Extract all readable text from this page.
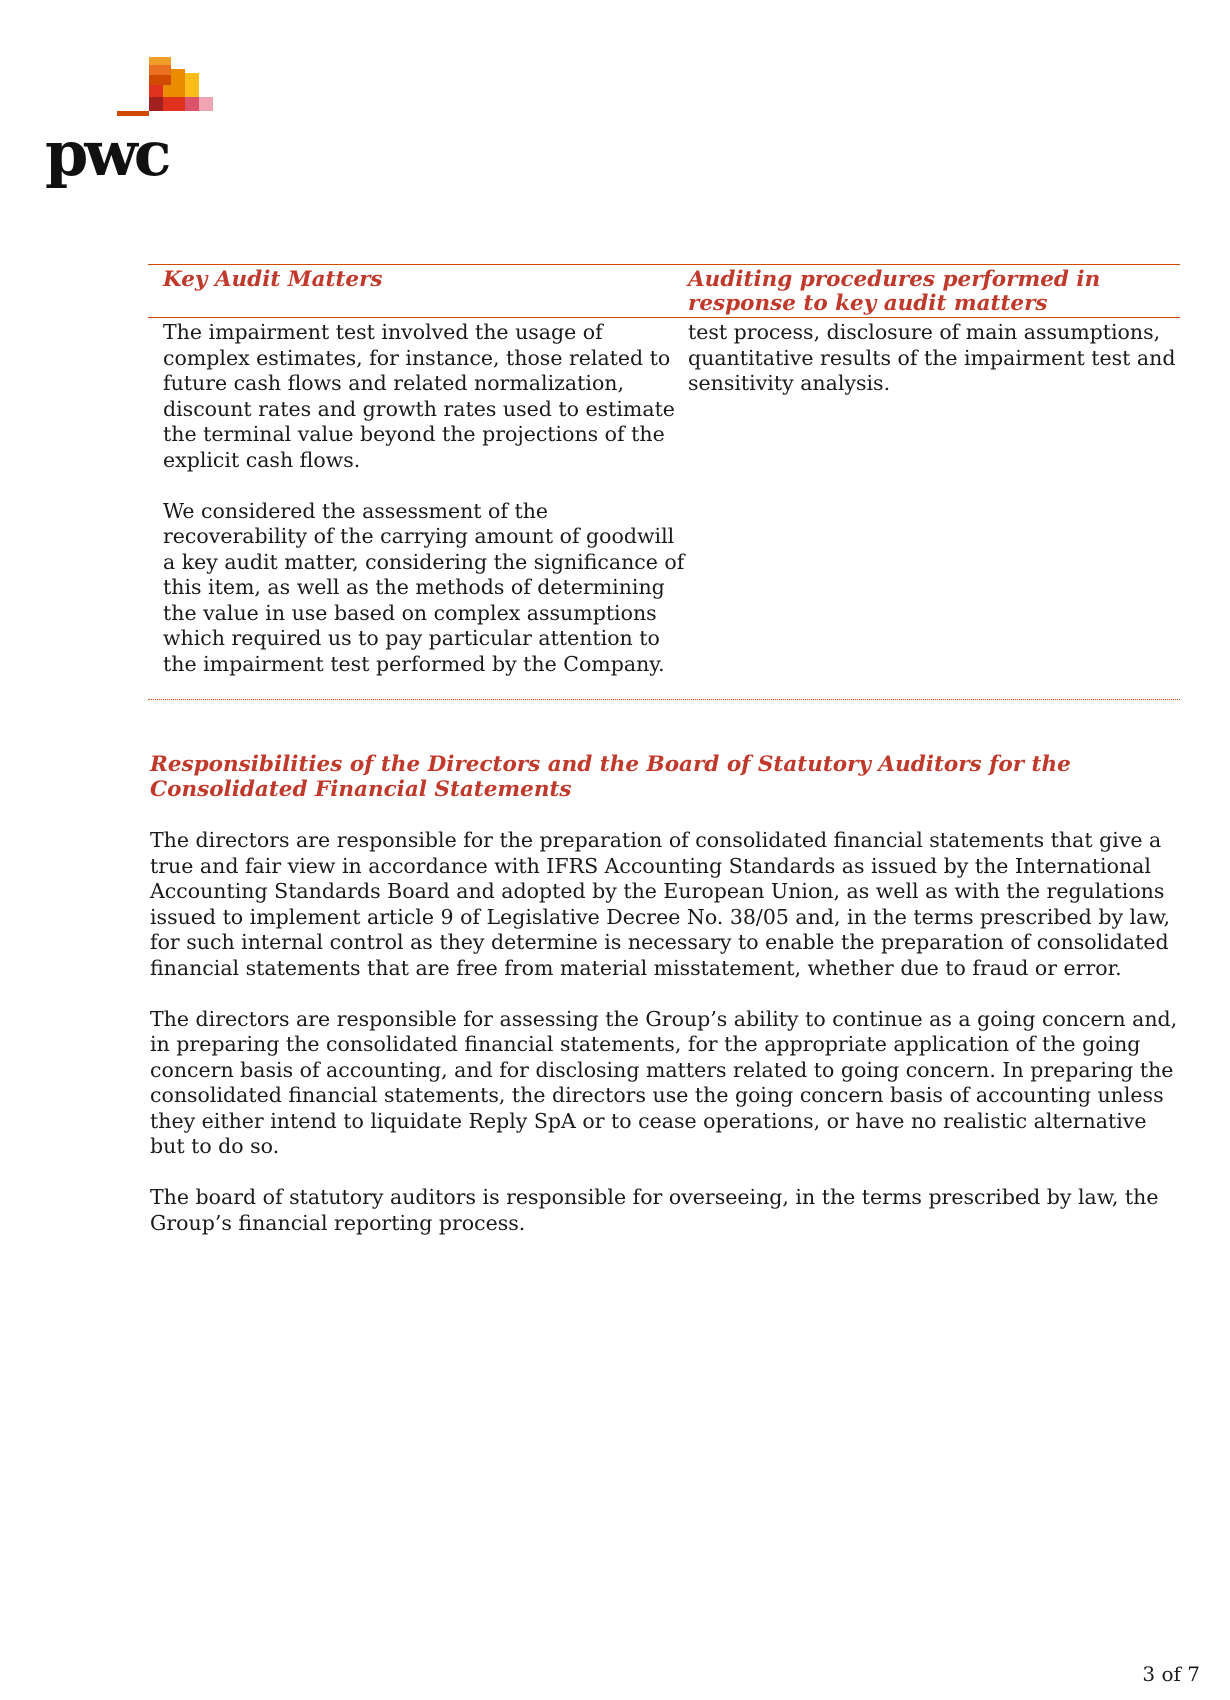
pwc
Key Audit Matters	Auditing procedures performed in response to key audit matters

The impairment test involved the usage of complex estimates, for instance, those related to future cash flows and related normalization, discount rates and growth rates used to estimate the terminal value beyond the projections of the explicit cash flows.

We considered the assessment of the recoverability of the carrying amount of goodwill a key audit matter, considering the significance of this item, as well as the methods of determining the value in use based on complex assumptions which required us to pay particular attention to the impairment test performed by the Company.

test process, disclosure of main assumptions, quantitative results of the impairment test and sensitivity analysis.

Responsibilities of the Directors and the Board of Statutory Auditors for the Consolidated Financial Statements

The directors are responsible for the preparation of consolidated financial statements that give a true and fair view in accordance with IFRS Accounting Standards as issued by the International Accounting Standards Board and adopted by the European Union, as well as with the regulations issued to implement article 9 of Legislative Decree No. 38/05 and, in the terms prescribed by law, for such internal control as they determine is necessary to enable the preparation of consolidated financial statements that are free from material misstatement, whether due to fraud or error.

The directors are responsible for assessing the Group’s ability to continue as a going concern and, in preparing the consolidated financial statements, for the appropriate application of the going concern basis of accounting, and for disclosing matters related to going concern. In preparing the consolidated financial statements, the directors use the going concern basis of accounting unless they either intend to liquidate Reply SpA or to cease operations, or have no realistic alternative but to do so.

The board of statutory auditors is responsible for overseeing, in the terms prescribed by law, the Group’s financial reporting process.

3 of 7
